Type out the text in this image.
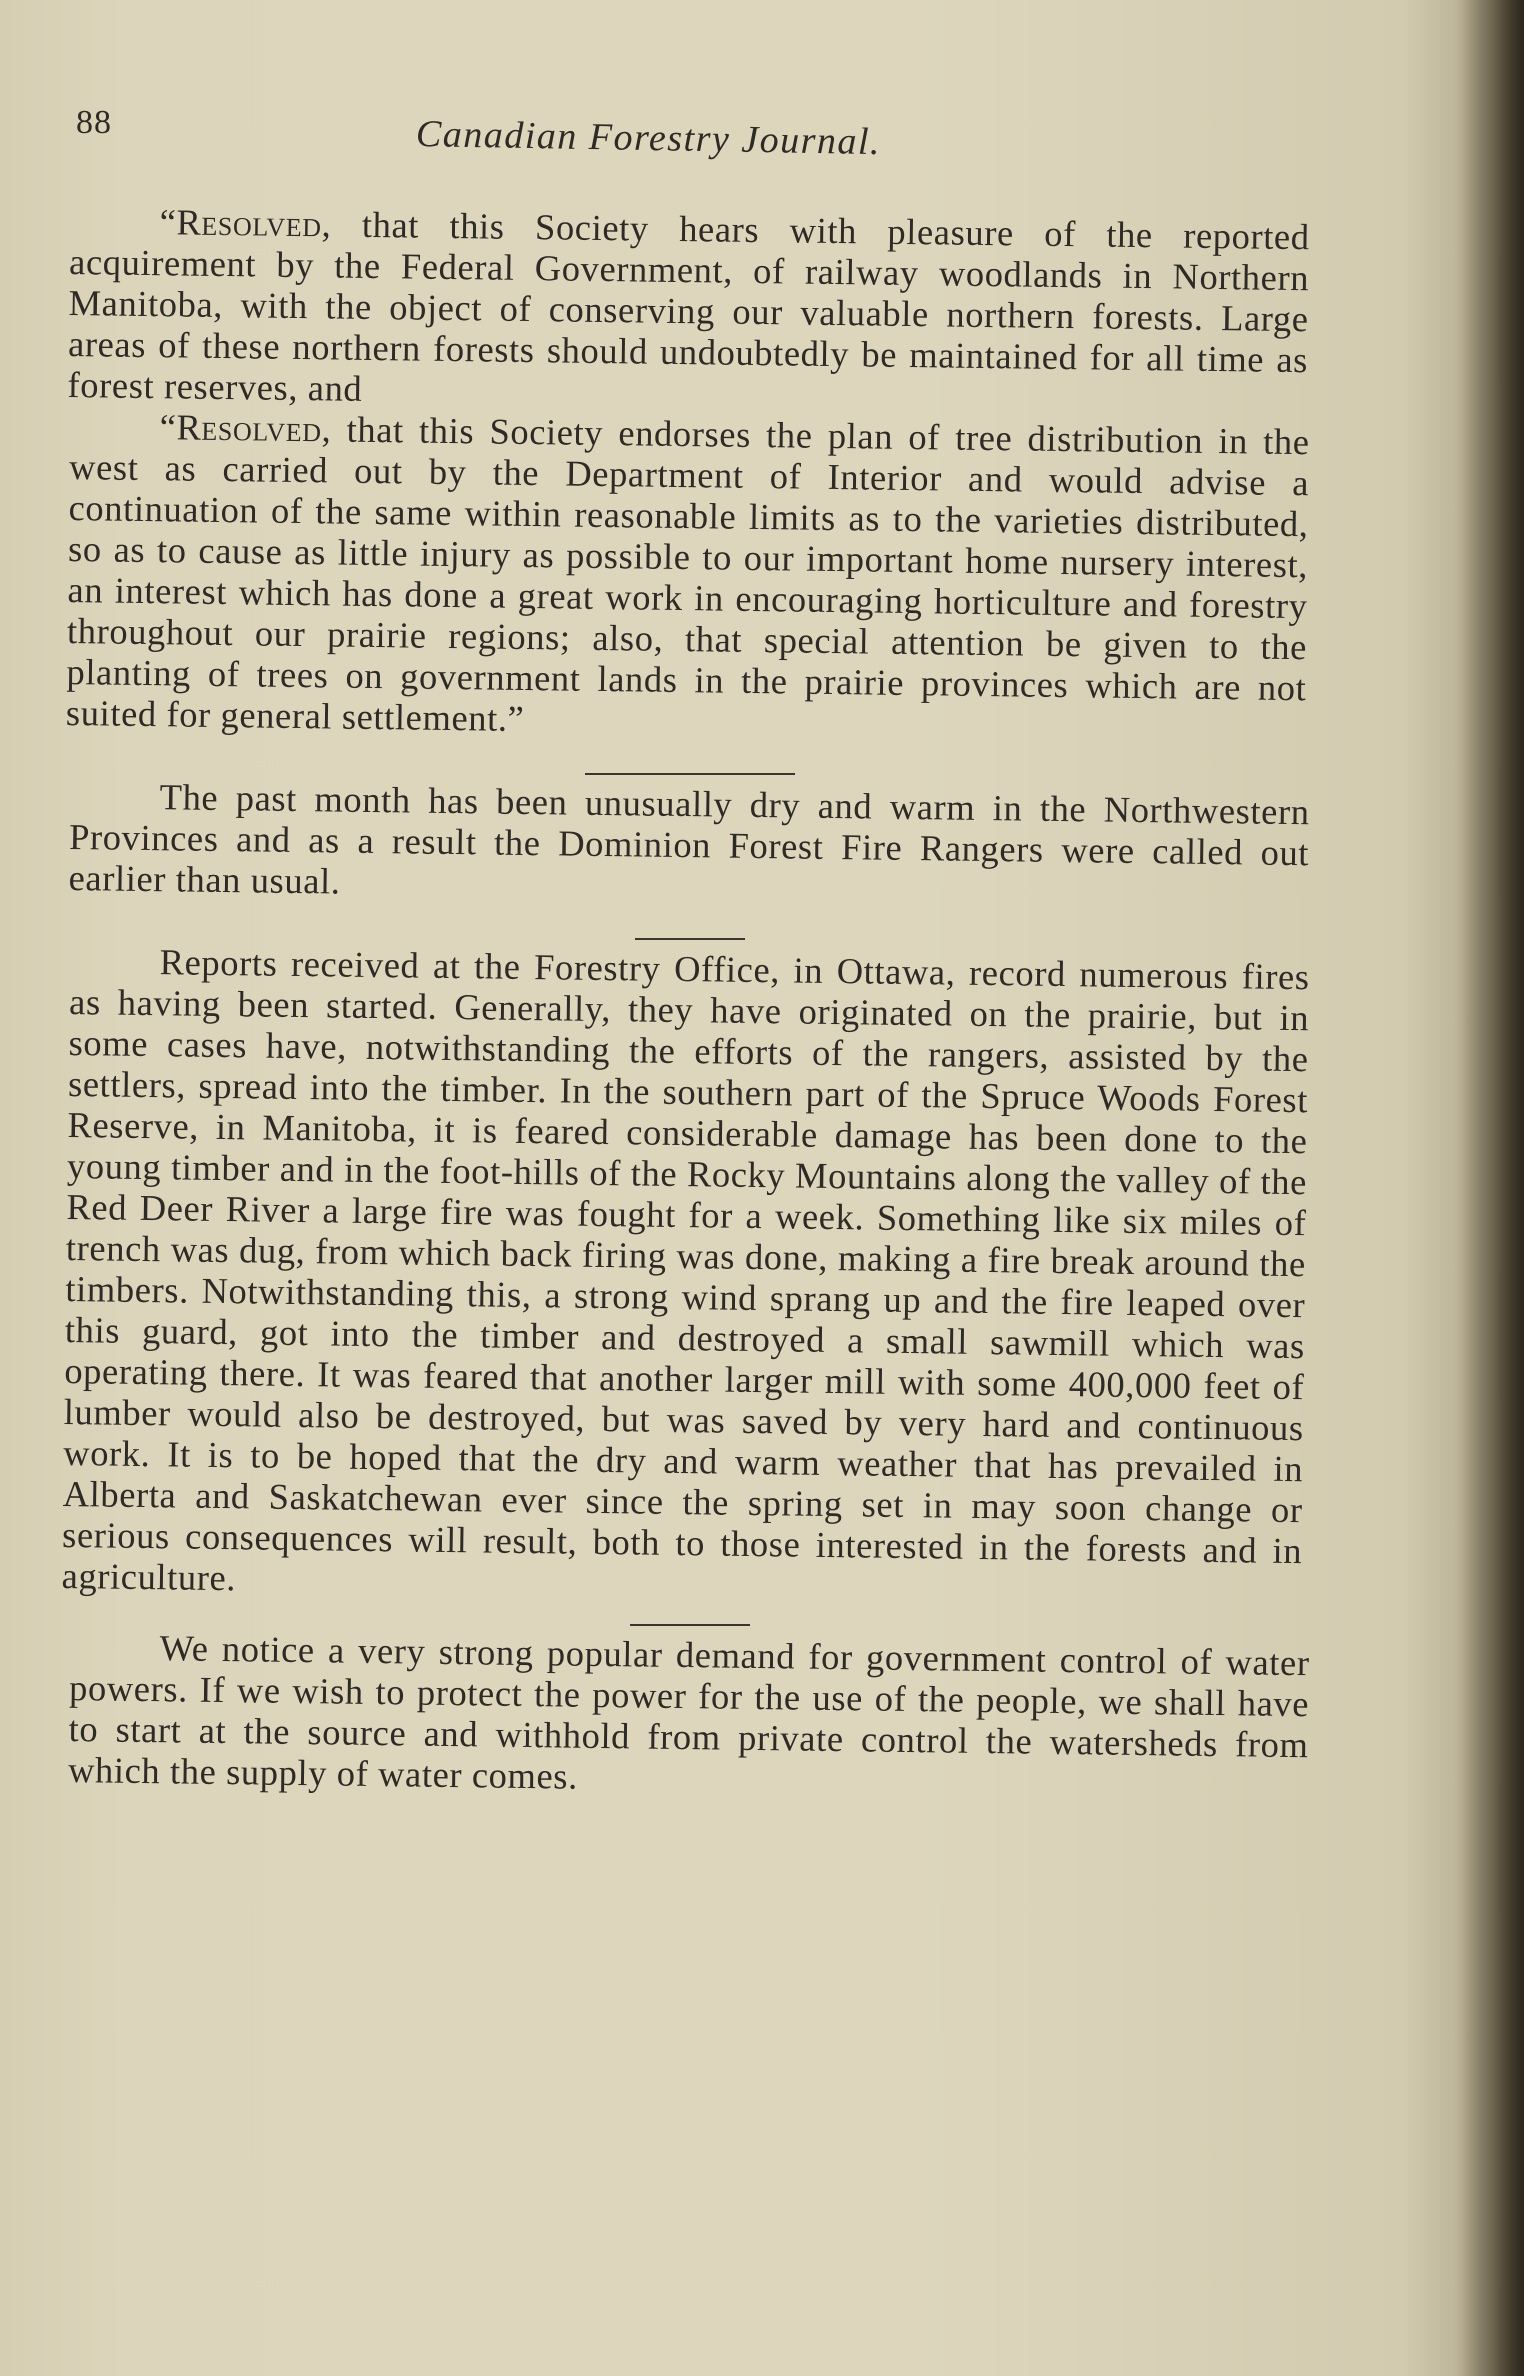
88	Canadian Forestry Journal.

“Resolved, that this Society hears with pleasure of the reported acquirement by the Federal Government, of railway woodlands in Northern Manitoba, with the object of conserving our valuable northern forests. Large areas of these northern forests should undoubtedly be maintained for all time as forest reserves, and

“Resolved, that this Society endorses the plan of tree distribution in the west as carried out by the Department of Interior and would advise a continuation of the same within reasonable limits as to the varieties distributed, so as to cause as little injury as possible to our important home nursery interest, an interest which has done a great work in encouraging horticulture and forestry throughout our prairie regions; also, that special attention be given to the planting of trees on government lands in the prairie provinces which are not suited for general settlement.”

The past month has been unusually dry and warm in the Northwestern Provinces and as a result the Dominion Forest Fire Rangers were called out earlier than usual.

Reports received at the Forestry Office, in Ottawa, record numerous fires as having been started. Generally, they have originated on the prairie, but in some cases have, notwithstanding the efforts of the rangers, assisted by the settlers, spread into the timber. In the southern part of the Spruce Woods Forest Reserve, in Manitoba, it is feared considerable damage has been done to the young timber and in the foot-hills of the Rocky Mountains along the valley of the Red Deer River a large fire was fought for a week. Something like six miles of trench was dug, from which back firing was done, making a fire break around the timbers. Notwithstanding this, a strong wind sprang up and the fire leaped over this guard, got into the timber and destroyed a small sawmill which was operating there. It was feared that another larger mill with some 400,000 feet of lumber would also be destroyed, but was saved by very hard and continuous work. It is to be hoped that the dry and warm weather that has prevailed in Alberta and Saskatchewan ever since the spring set in may soon change or serious consequences will result, both to those interested in the forests and in agriculture.

We notice a very strong popular demand for government control of water powers. If we wish to protect the power for the use of the people, we shall have to start at the source and withhold from private control the watersheds from which the supply of water comes.
